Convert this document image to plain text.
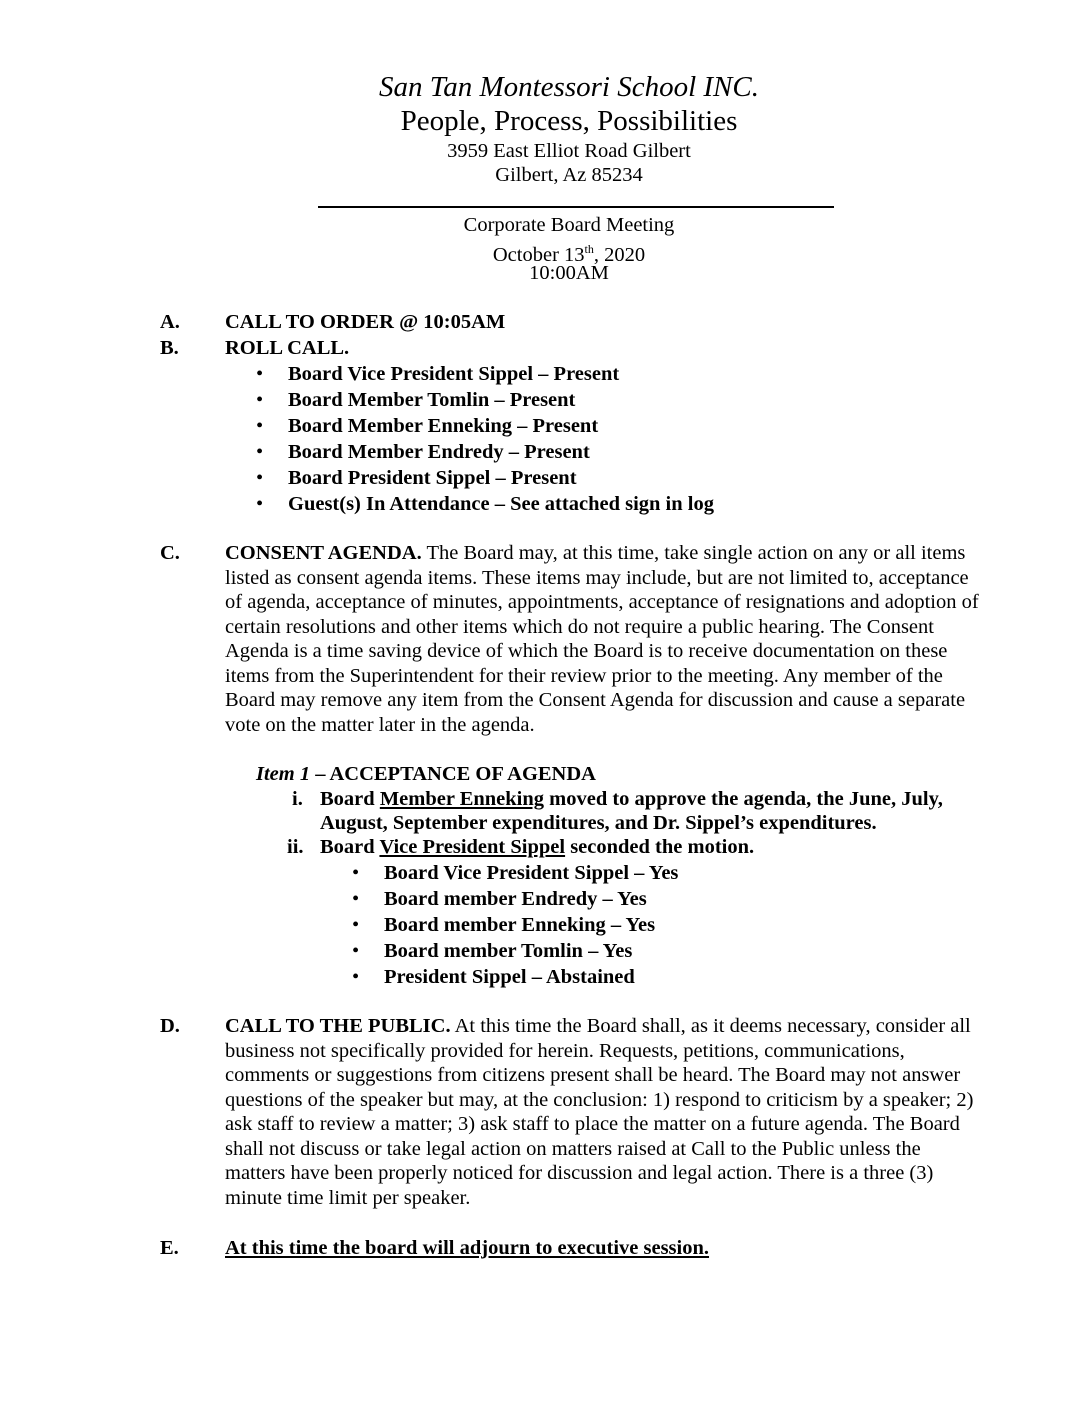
San Tan Montessori School INC.
People, Process, Possibilities
3959 East Elliot Road Gilbert
Gilbert, Az 85234
Corporate Board Meeting
October 13th, 2020
10:00AM
A. CALL TO ORDER @ 10:05AM
B. ROLL CALL.
• Board Vice President Sippel – Present
• Board Member Tomlin – Present
• Board Member Enneking – Present
• Board Member Endredy – Present
• Board President Sippel – Present
• Guest(s) In Attendance – See attached sign in log
C. CONSENT AGENDA. The Board may, at this time, take single action on any or all items
listed as consent agenda items. These items may include, but are not limited to, acceptance
of agenda, acceptance of minutes, appointments, acceptance of resignations and adoption of
certain resolutions and other items which do not require a public hearing. The Consent
Agenda is a time saving device of which the Board is to receive documentation on these
items from the Superintendent for their review prior to the meeting. Any member of the
Board may remove any item from the Consent Agenda for discussion and cause a separate
vote on the matter later in the agenda.
Item 1 – ACCEPTANCE OF AGENDA
i. Board Member Enneking moved to approve the agenda, the June, July,
August, September expenditures, and Dr. Sippel’s expenditures.
ii. Board Vice President Sippel seconded the motion.
• Board Vice President Sippel – Yes
• Board member Endredy – Yes
• Board member Enneking – Yes
• Board member Tomlin – Yes
• President Sippel – Abstained
D. CALL TO THE PUBLIC. At this time the Board shall, as it deems necessary, consider all
business not specifically provided for herein. Requests, petitions, communications,
comments or suggestions from citizens present shall be heard. The Board may not answer
questions of the speaker but may, at the conclusion: 1) respond to criticism by a speaker; 2)
ask staff to review a matter; 3) ask staff to place the matter on a future agenda. The Board
shall not discuss or take legal action on matters raised at Call to the Public unless the
matters have been properly noticed for discussion and legal action. There is a three (3)
minute time limit per speaker.
E. At this time the board will adjourn to executive session.
